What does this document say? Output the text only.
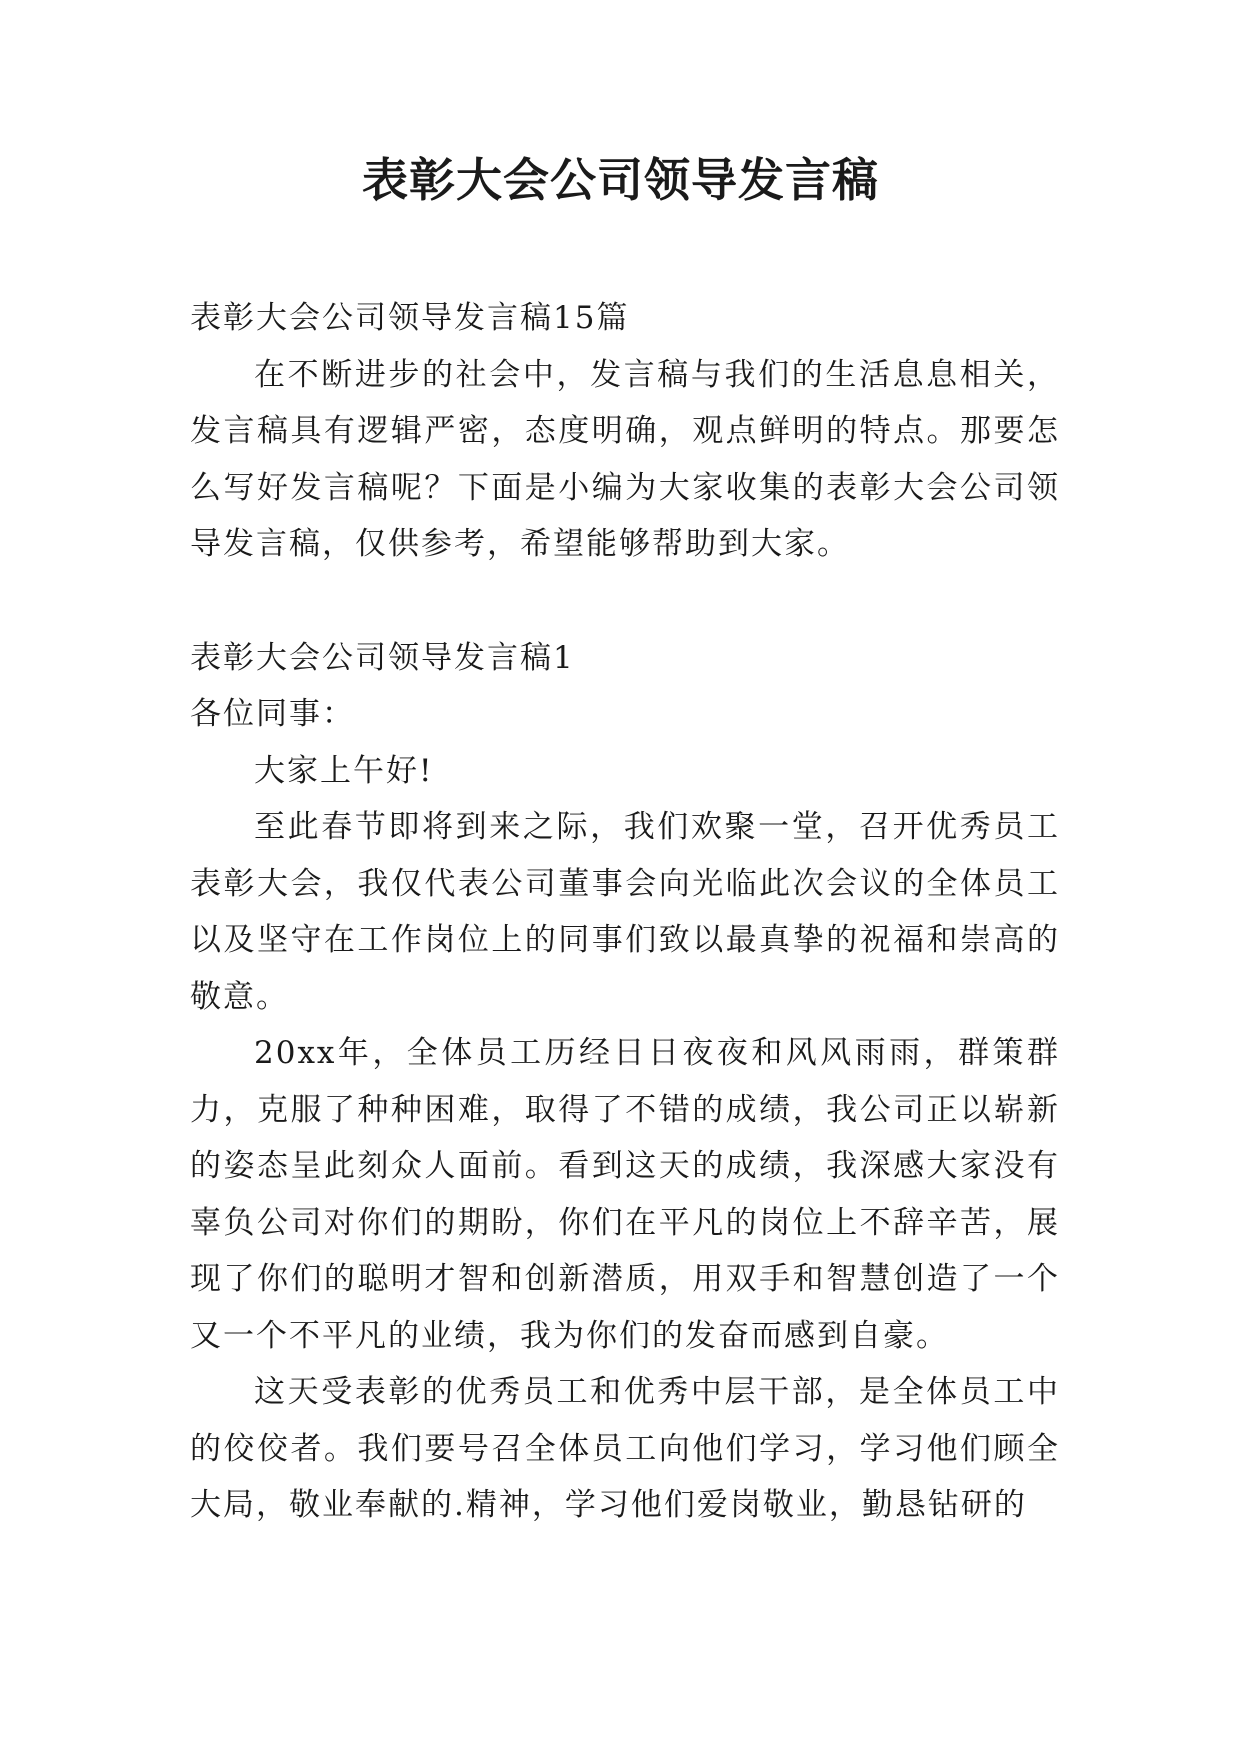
表彰大会公司领导发言稿

表彰大会公司领导发言稿15篇

在不断进步的社会中，发言稿与我们的生活息息相关，发言稿具有逻辑严密，态度明确，观点鲜明的特点。那要怎么写好发言稿呢？下面是小编为大家收集的表彰大会公司领导发言稿，仅供参考，希望能够帮助到大家。

表彰大会公司领导发言稿1

各位同事：

大家上午好!

至此春节即将到来之际，我们欢聚一堂，召开优秀员工表彰大会，我仅代表公司董事会向光临此次会议的全体员工以及坚守在工作岗位上的同事们致以最真挚的祝福和崇高的敬意。

20xx年，全体员工历经日日夜夜和风风雨雨，群策群力，克服了种种困难，取得了不错的成绩，我公司正以崭新的姿态呈此刻众人面前。看到这天的成绩，我深感大家没有辜负公司对你们的期盼，你们在平凡的岗位上不辞辛苦，展现了你们的聪明才智和创新潜质，用双手和智慧创造了一个又一个不平凡的业绩，我为你们的发奋而感到自豪。

这天受表彰的优秀员工和优秀中层干部，是全体员工中的佼佼者。我们要号召全体员工向他们学习，学习他们顾全大局，敬业奉献的.精神，学习他们爱岗敬业，勤恳钻研的
